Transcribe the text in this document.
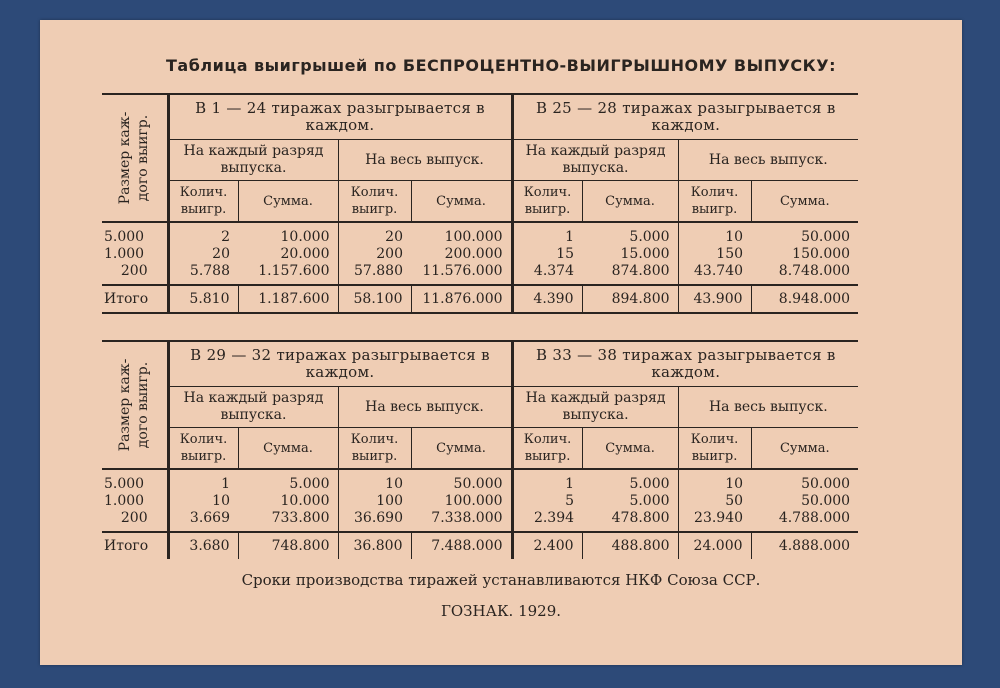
Таблица выигрышей по БЕСПРОЦЕНТНО-ВЫИГРЫШНОМУ ВЫПУСКУ:
Размер каж- дого выигр.	В 1 — 24 тиражах разыгрывается в каждом.				В 25 — 28 тиражах разыгрывается в каждом.			
	На каждый разряд выпуска.		На весь выпуск.		На каждый разряд выпуска.		На весь выпуск.	
	Колич. выигр.	Сумма.	Колич. выигр.	Сумма.	Колич. выигр.	Сумма.	Колич. выигр.	Сумма.
5.000	2	10.000	20	100.000	1	5.000	10	50.000
1.000	20	20.000	200	200.000	15	15.000	150	150.000
200	5.788	1.157.600	57.880	11.576.000	4.374	874.800	43.740	8.748.000
Итого	5.810	1.187.600	58.100	11.876.000	4.390	894.800	43.900	8.948.000
Размер каж- дого выигр.	В 29 — 32 тиражах разыгрывается в каждом.				В 33 — 38 тиражах разыгрывается в каждом.			
	На каждый разряд выпуска.		На весь выпуск.		На каждый разряд выпуска.		На весь выпуск.	
	Колич. выигр.	Сумма.	Колич. выигр.	Сумма.	Колич. выигр.	Сумма.	Колич. выигр.	Сумма.
5.000	1	5.000	10	50.000	1	5.000	10	50.000
1.000	10	10.000	100	100.000	5	5.000	50	50.000
200	3.669	733.800	36.690	7.338.000	2.394	478.800	23.940	4.788.000
Итого	3.680	748.800	36.800	7.488.000	2.400	488.800	24.000	4.888.000
Сроки производства тиражей устанавливаются НКФ Союза ССР.
ГОЗНАК. 1929.
